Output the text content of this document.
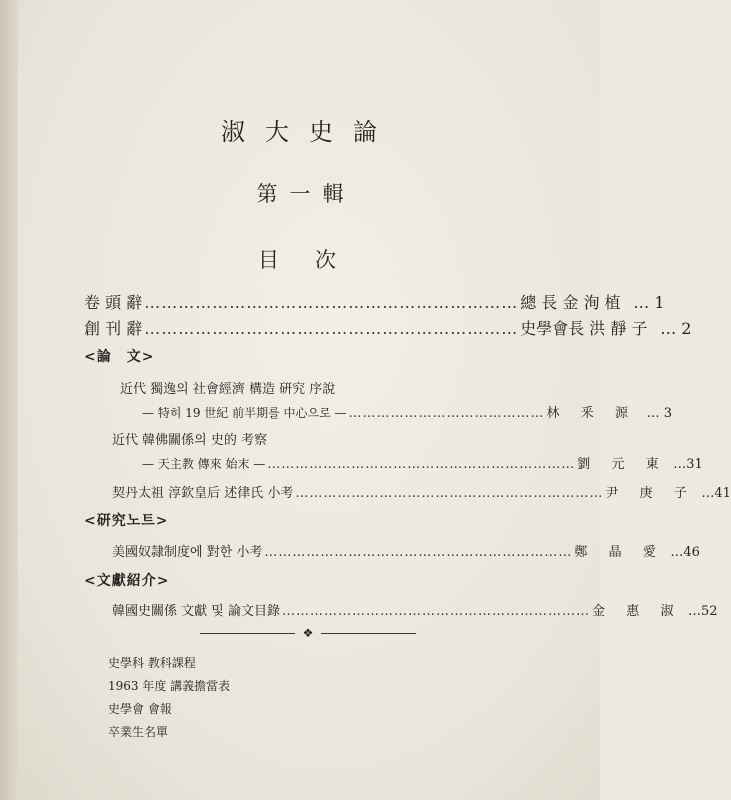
淑大史論
第一輯
目次
卷 頭 辭 ………………………………………………………… 總 長 金 洵 植 … 1
創 刊 辭 ………………………………………………………… 史學會長 洪 靜 子 … 2
<論　文>
近代 獨逸의 社會經濟 構造 硏究 序說
— 特히 19 世紀 前半期를 中心으로 — …………………………………… 林 　 釆 　 源	… 3
近代 韓佛關係의 史的 考察
— 天主教 傳來 始末 — ………………………………………………………… 劉 　 元 　 東	…31
契丹太祖 淳欽皇后 述律氏 小考 ………………………………………………………… 尹 　 庚 　 子	…41
<研究노트>
美國奴隷制度에 對한 小考 ………………………………………………………… 鄭 　 晶 　 愛	…46
<文獻紹介>
韓國史關係 文獻 및 論文目錄 ………………………………………………………… 金 　 惠 　 淑	…52
❖
史學科 教科課程
1963 年度 講義擔當表
史學會 會報
卒業生名單
